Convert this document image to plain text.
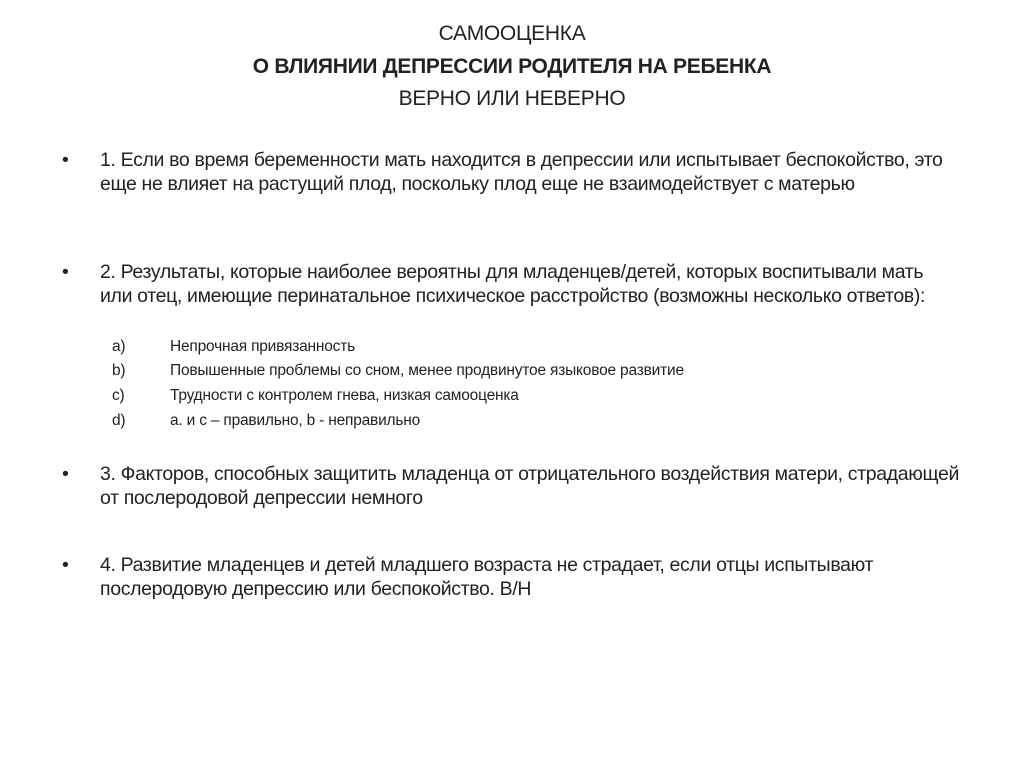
САМООЦЕНКА
О ВЛИЯНИИ ДЕПРЕССИИ РОДИТЕЛЯ НА РЕБЕНКА
ВЕРНО ИЛИ НЕВЕРНО
• 1. Если во время беременности мать находится в депрессии или испытывает беспокойство, это еще не влияет на растущий плод, поскольку плод еще не взаимодействует с матерью
• 2. Результаты, которые наиболее вероятны для младенцев/детей, которых воспитывали мать или отец, имеющие перинатальное психическое расстройство (возможны несколько ответов):
a)	Непрочная привязанность
b)	Повышенные проблемы со сном, менее продвинутое языковое развитие
c)	Трудности с контролем гнева, низкая самооценка
d)	а. и с – правильно, b - неправильно
• 3. Факторов, способных защитить младенца от отрицательного воздействия матери, страдающей от послеродовой депрессии немного
• 4. Развитие младенцев и детей младшего возраста не страдает, если отцы испытывают послеродовую депрессию или беспокойство. В/Н
